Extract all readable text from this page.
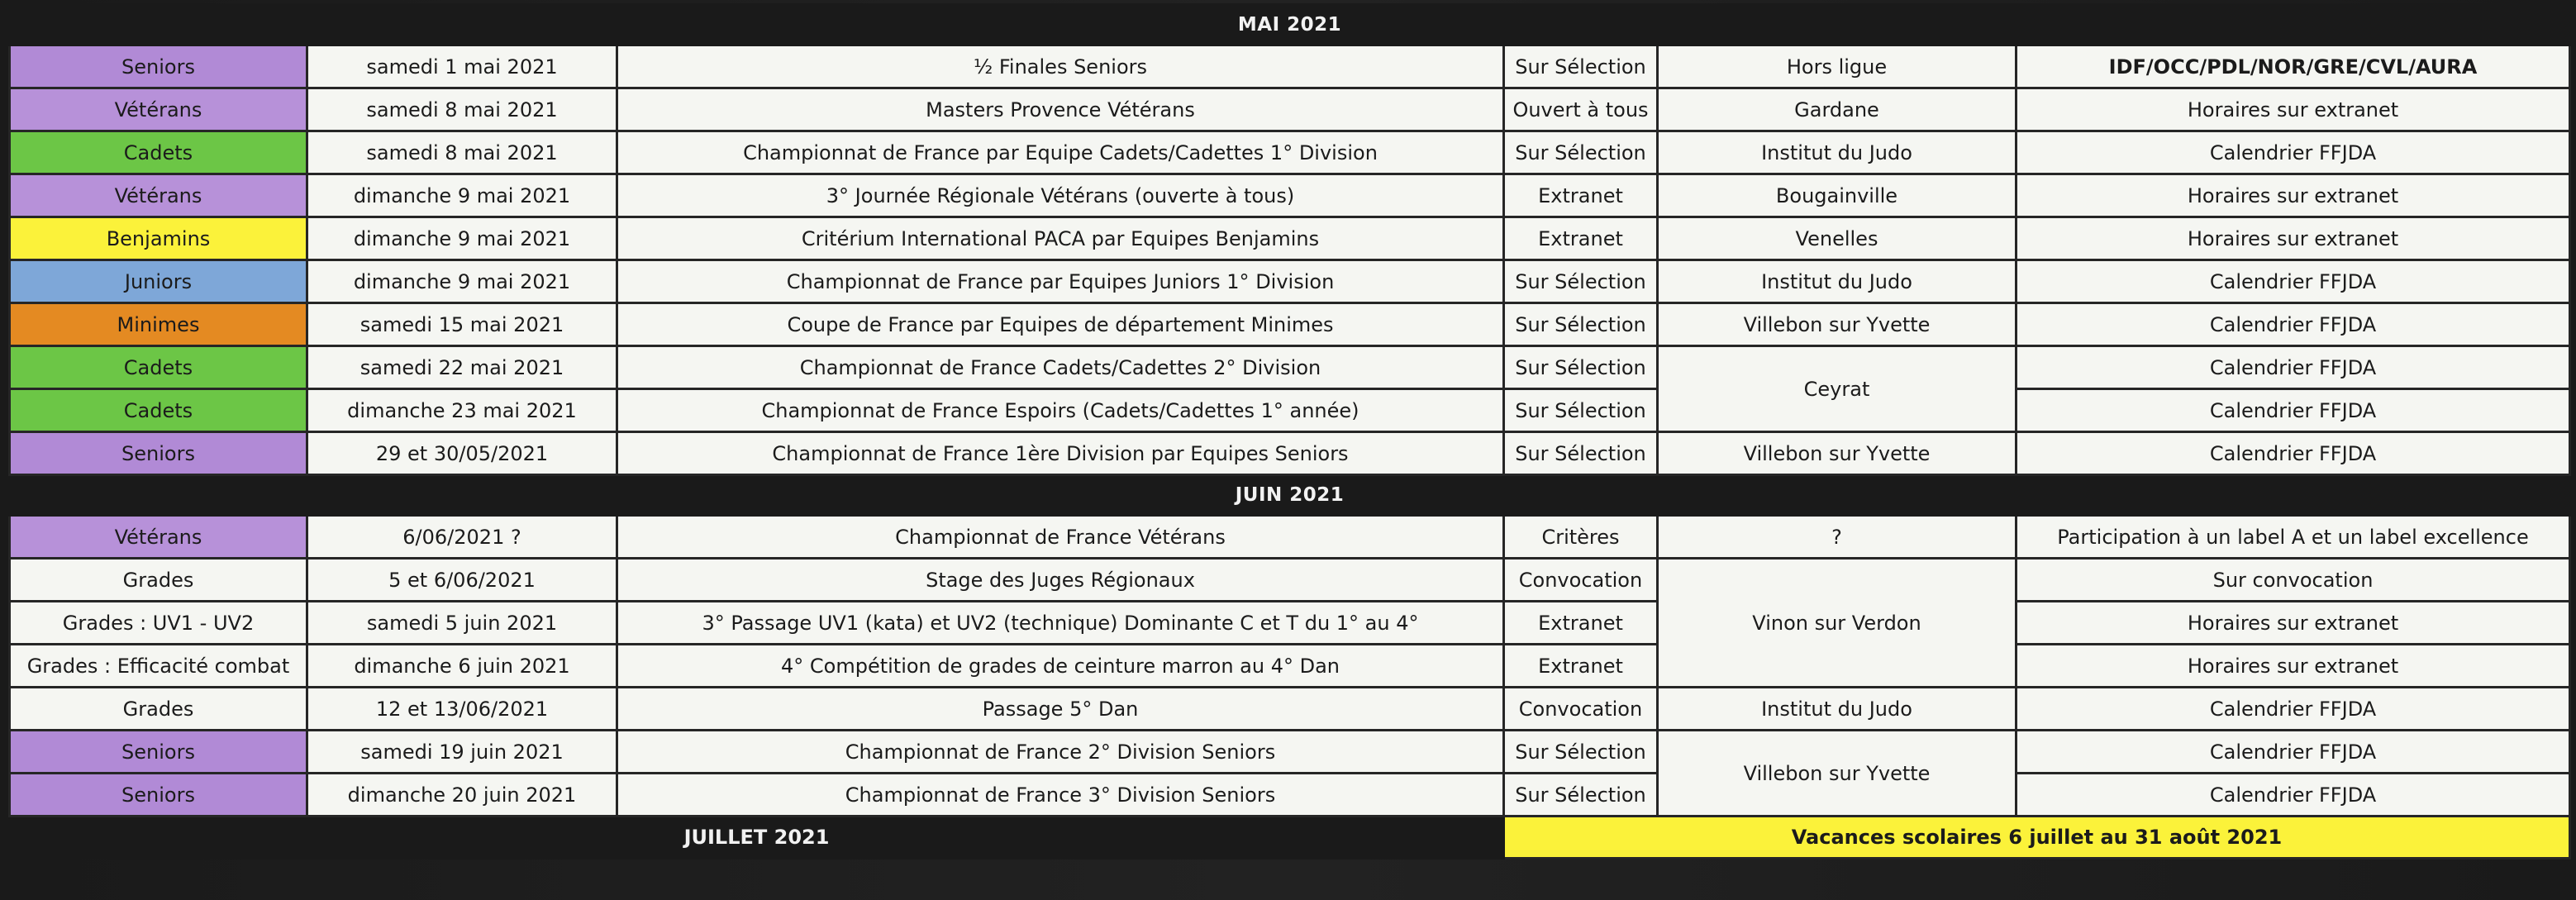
MAI 2021					
Seniors	samedi 1 mai 2021	½ Finales Seniors	Sur Sélection	Hors ligue	IDF/OCC/PDL/NOR/GRE/CVL/AURA
Vétérans	samedi 8 mai 2021	Masters Provence Vétérans	Ouvert à tous	Gardane	Horaires sur extranet
Cadets	samedi 8 mai 2021	Championnat de France par Equipe Cadets/Cadettes 1° Division	Sur Sélection	Institut du Judo	Calendrier FFJDA
Vétérans	dimanche 9 mai 2021	3° Journée Régionale Vétérans (ouverte à tous)	Extranet	Bougainville	Horaires sur extranet
Benjamins	dimanche 9 mai 2021	Critérium International PACA par Equipes Benjamins	Extranet	Venelles	Horaires sur extranet
Juniors	dimanche 9 mai 2021	Championnat de France par Equipes Juniors 1° Division	Sur Sélection	Institut du Judo	Calendrier FFJDA
Minimes	samedi 15 mai 2021	Coupe de France par Equipes de département Minimes	Sur Sélection	Villebon sur Yvette	Calendrier FFJDA
Cadets	samedi 22 mai 2021	Championnat de France Cadets/Cadettes 2° Division	Sur Sélection	Ceyrat	Calendrier FFJDA
Cadets	dimanche 23 mai 2021	Championnat de France Espoirs (Cadets/Cadettes 1° année)	Sur Sélection		Calendrier FFJDA
Seniors	29 et 30/05/2021	Championnat de France 1ère Division par Equipes Seniors	Sur Sélection	Villebon sur Yvette	Calendrier FFJDA
JUIN 2021					
Vétérans	6/06/2021 ?	Championnat de France Vétérans	Critères	?	Participation à un label A et un label excellence
Grades	5 et 6/06/2021	Stage des Juges Régionaux	Convocation	Vinon sur Verdon	Sur convocation
Grades : UV1 - UV2	samedi 5 juin 2021	3° Passage UV1 (kata) et UV2 (technique) Dominante C et T du 1° au 4°	Extranet		Horaires sur extranet
Grades : Efficacité combat	dimanche 6 juin 2021	4° Compétition de grades de ceinture marron au 4° Dan	Extranet		Horaires sur extranet
Grades	12 et 13/06/2021	Passage 5° Dan	Convocation	Institut du Judo	Calendrier FFJDA
Seniors	samedi 19 juin 2021	Championnat de France 2° Division Seniors	Sur Sélection	Villebon sur Yvette	Calendrier FFJDA
Seniors	dimanche 20 juin 2021	Championnat de France 3° Division Seniors	Sur Sélection		Calendrier FFJDA
JUILLET 2021			Vacances scolaires 6 juillet au 31 août 2021		
